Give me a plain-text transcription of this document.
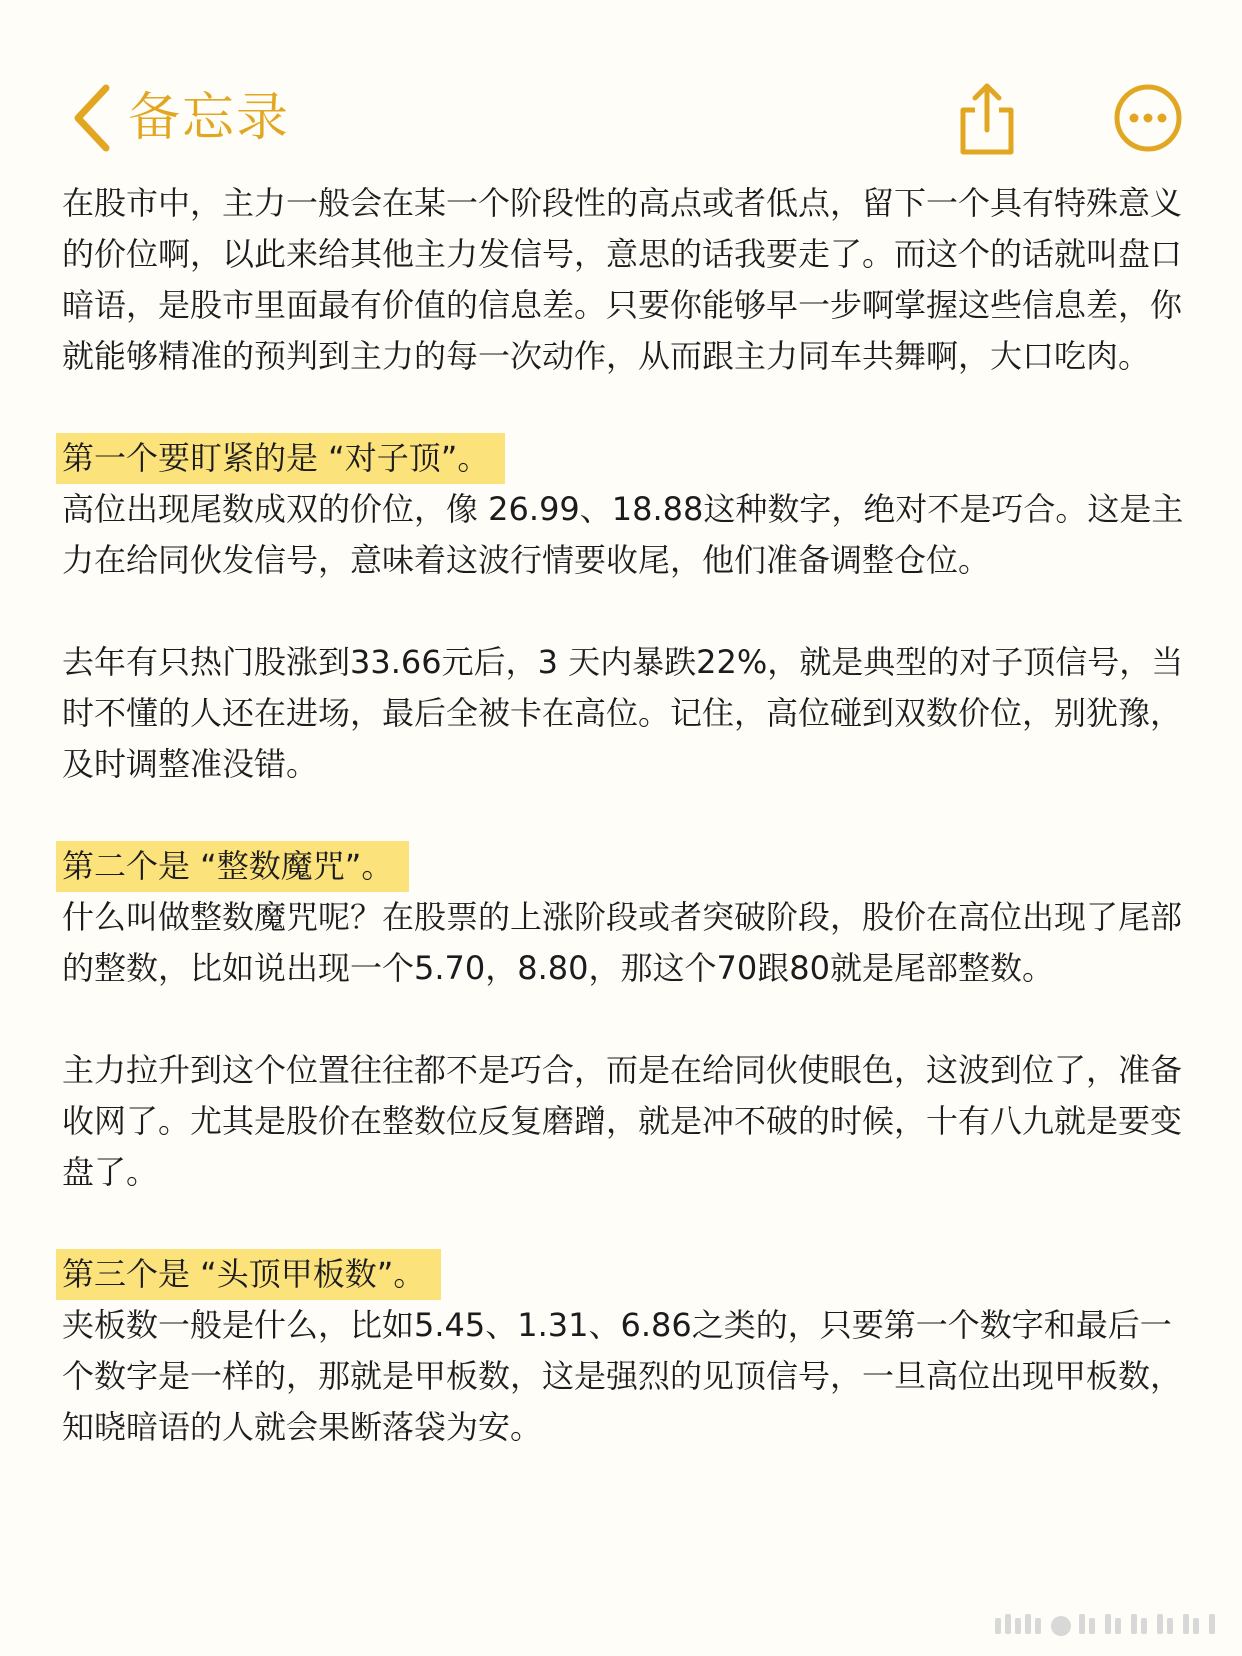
备忘录

在股市中，主力一般会在某一个阶段性的高点或者低点，留下一个具有特殊意义的价位啊，以此来给其他主力发信号，意思的话我要走了。而这个的话就叫盘口暗语，是股市里面最有价值的信息差。只要你能够早一步啊掌握这些信息差，你就能够精准的预判到主力的每一次动作，从而跟主力同车共舞啊，大口吃肉。

第一个要盯紧的是 “对子顶”。

高位出现尾数成双的价位，像 26.99、18.88这种数字，绝对不是巧合。这是主力在给同伙发信号，意味着这波行情要收尾，他们准备调整仓位。

去年有只热门股涨到33.66元后，3 天内暴跌22%，就是典型的对子顶信号，当时不懂的人还在进场，最后全被卡在高位。记住，高位碰到双数价位，别犹豫，及时调整准没错。

第二个是 “整数魔咒”。

什么叫做整数魔咒呢？在股票的上涨阶段或者突破阶段，股价在高位出现了尾部的整数，比如说出现一个5.70，8.80，那这个70跟80就是尾部整数。

主力拉升到这个位置往往都不是巧合，而是在给同伙使眼色，这波到位了，准备收网了。尤其是股价在整数位反复磨蹭，就是冲不破的时候，十有八九就是要变盘了。

第三个是 “头顶甲板数”。

夹板数一般是什么，比如5.45、1.31、6.86之类的，只要第一个数字和最后一个数字是一样的，那就是甲板数，这是强烈的见顶信号，一旦高位出现甲板数，知晓暗语的人就会果断落袋为安。
